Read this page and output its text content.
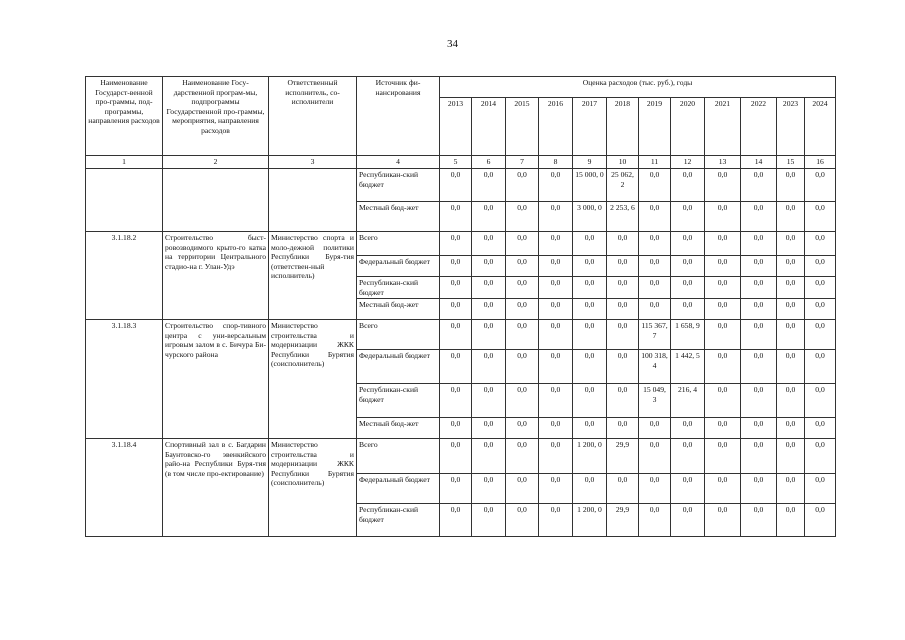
34
Наименование Государст-венной про-граммы, под-программы, направления расходов	Наименование Госу-дарственной програм-мы, подпрограммы Государственной про-граммы, мероприятия, направления расходов	Ответственный исполнитель, со-исполнители	Источник фи-нансирования	Оценка расходов (тыс. руб.), годы											
				2013	2014	2015	2016	2017	2018	2019	2020	2021	2022	2023	2024
1	2	3	4	5	6	7	8	9	10	11	12	13	14	15	16
			Республикан-ский бюджет	0,0	0,0	0,0	0,0	15 000, 0	25 062, 2	0,0	0,0	0,0	0,0	0,0	0,0
			Местный бюд-жет	0,0	0,0	0,0	0,0	3 000, 0	2 253, 6	0,0	0,0	0,0	0,0	0,0	0,0
3.1.18.2	Строительство быст-ровозводимого крыто-го катка на территории Центрального стадио-на г. Улан-Удэ	Министерство спорта и моло-дежной политики Республики Буря-тия (ответствен-ный исполнитель)	Всего	0,0	0,0	0,0	0,0	0,0	0,0	0,0	0,0	0,0	0,0	0,0	0,0
			Федеральный бюджет	0,0	0,0	0,0	0,0	0,0	0,0	0,0	0,0	0,0	0,0	0,0	0,0
			Республикан-ский бюджет	0,0	0,0	0,0	0,0	0,0	0,0	0,0	0,0	0,0	0,0	0,0	0,0
			Местный бюд-жет	0,0	0,0	0,0	0,0	0,0	0,0	0,0	0,0	0,0	0,0	0,0	0,0
3.1.18.3	Строительство спор-тивного центра с уни-версальным игровым залом в с. Бичура Би-чурского района	Министерство строительства и модернизации ЖКК Республики Бурятия (соисполнитель)	Всего	0,0	0,0	0,0	0,0	0,0	0,0	115 367, 7	1 658, 9	0,0	0,0	0,0	0,0
			Федеральный бюджет	0,0	0,0	0,0	0,0	0,0	0,0	100 318, 4	1 442, 5	0,0	0,0	0,0	0,0
			Республикан-ский бюджет	0,0	0,0	0,0	0,0	0,0	0,0	15 049, 3	216, 4	0,0	0,0	0,0	0,0
			Местный бюд-жет	0,0	0,0	0,0	0,0	0,0	0,0	0,0	0,0	0,0	0,0	0,0	0,0
3.1.18.4	Спортивный зал в с. Багдарин Баунтовско-го эвенкийского райо-на Республики Буря-тия (в том числе про-ектирование)	Министерство строительства и модернизации ЖКК Республики Бурятия (соисполнитель)	Всего	0,0	0,0	0,0	0,0	1 200, 0	29,9	0,0	0,0	0,0	0,0	0,0	0,0
			Федеральный бюджет	0,0	0,0	0,0	0,0	0,0	0,0	0,0	0,0	0,0	0,0	0,0	0,0
			Республикан-ский бюджет	0,0	0,0	0,0	0,0	1 200, 0	29,9	0,0	0,0	0,0	0,0	0,0	0,0
